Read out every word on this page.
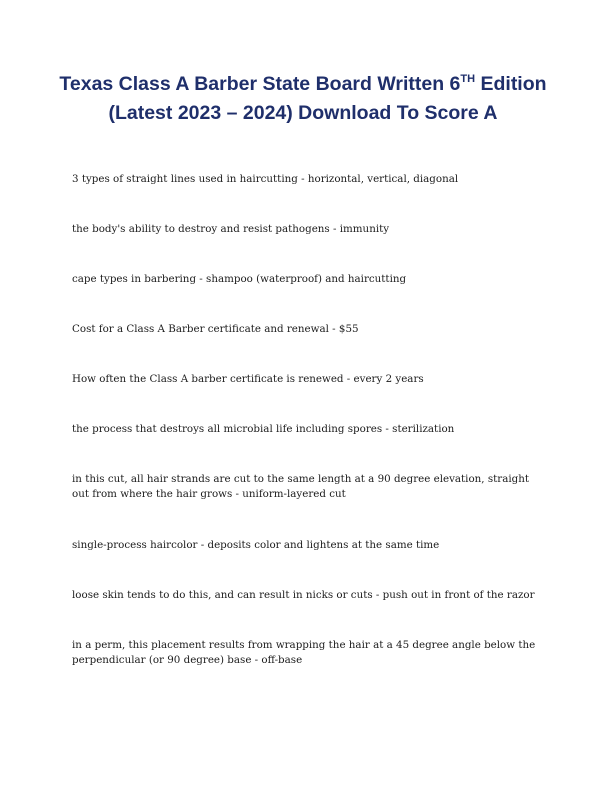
Texas Class A Barber State Board Written 6TH Edition
(Latest 2023 – 2024) Download To Score A

3 types of straight lines used in haircutting - horizontal, vertical, diagonal

the body's ability to destroy and resist pathogens - immunity

cape types in barbering - shampoo (waterproof) and haircutting

Cost for a Class A Barber certificate and renewal - $55

How often the Class A barber certificate is renewed - every 2 years

the process that destroys all microbial life including spores - sterilization

in this cut, all hair strands are cut to the same length at a 90 degree elevation, straight out from where the hair grows - uniform-layered cut

single-process haircolor - deposits color and lightens at the same time

loose skin tends to do this, and can result in nicks or cuts - push out in front of the razor

in a perm, this placement results from wrapping the hair at a 45 degree angle below the perpendicular (or 90 degree) base - off-base
